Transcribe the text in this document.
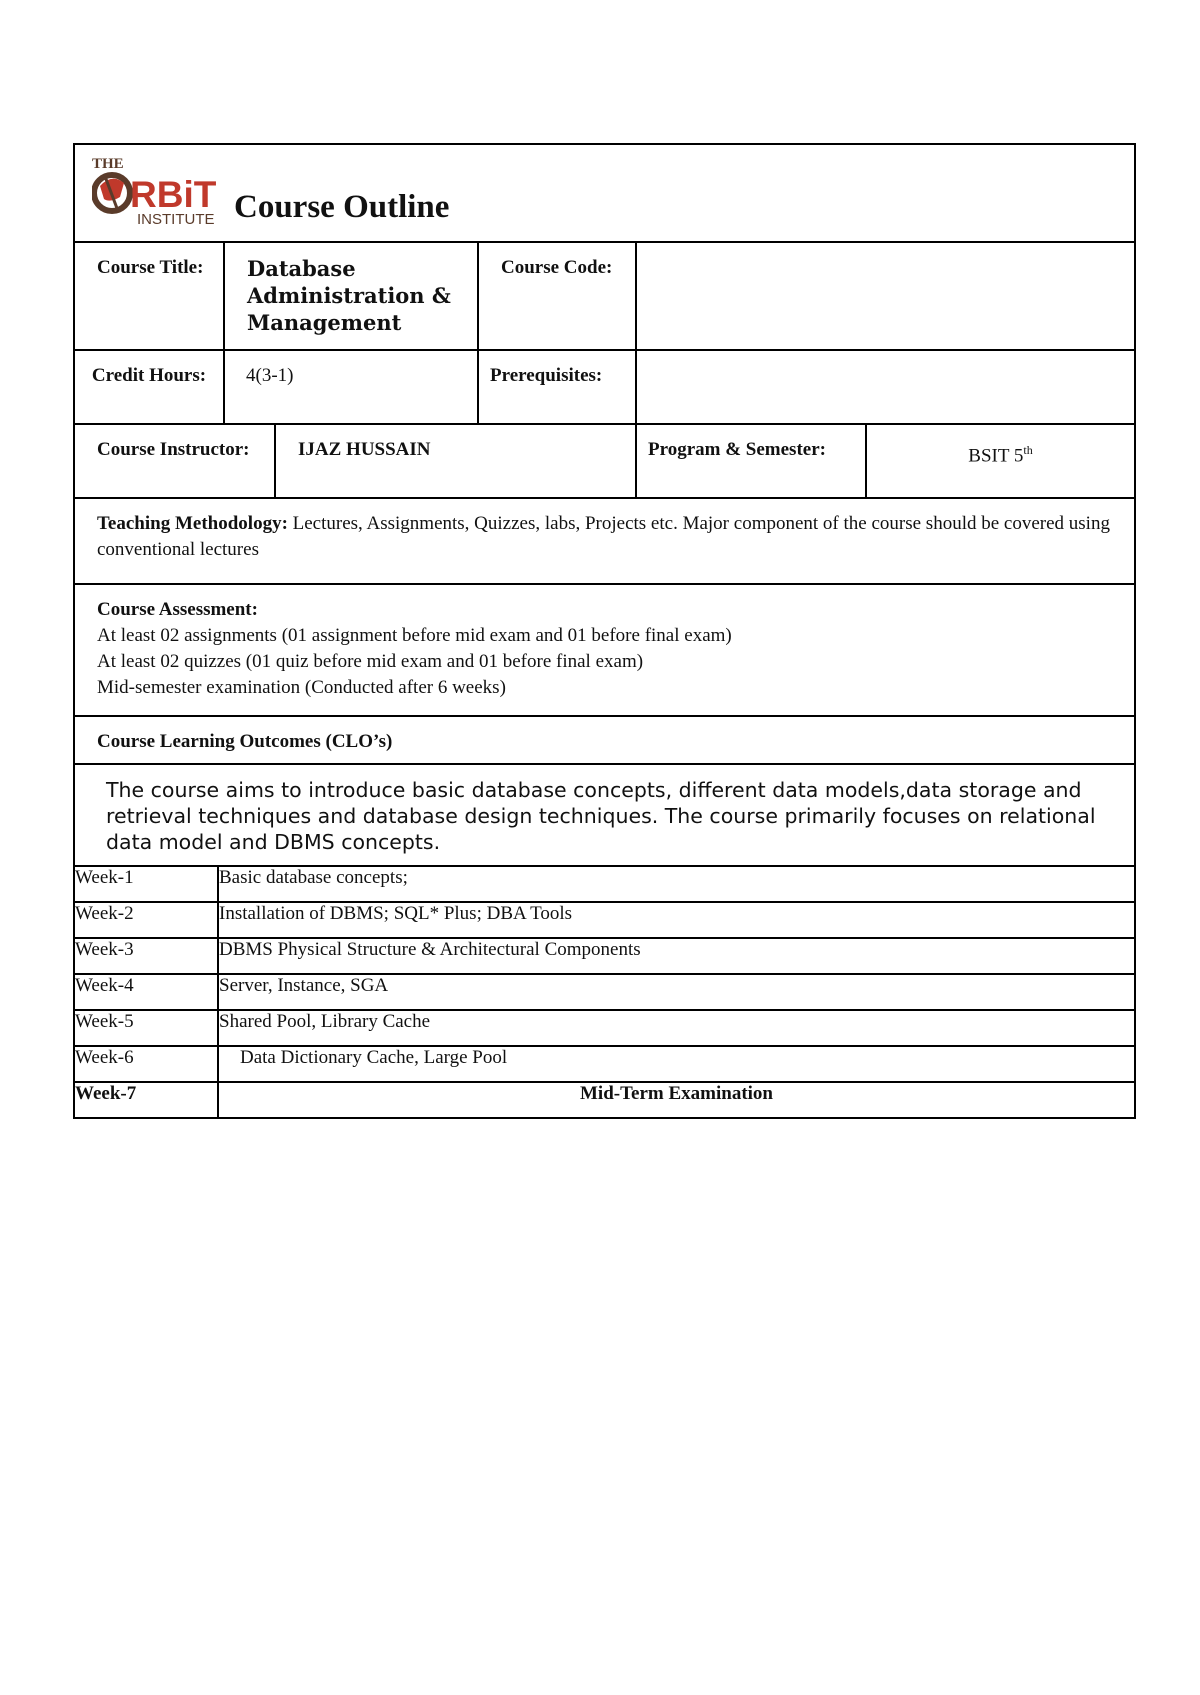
THE
RBiT
INSTITUTE Course Outline

Course Title:	Database Administration & Management	Course Code:	

Credit Hours:	4(3-1)	Prerequisites:	

Course Instructor:	IJAZ HUSSAIN	Program & Semester:	BSIT 5th

Teaching Methodology: Lectures, Assignments, Quizzes, labs, Projects etc. Major component of the course should be covered using conventional lectures

Course Assessment:
At least 02 assignments (01 assignment before mid exam and 01 before final exam)
At least 02 quizzes (01 quiz before mid exam and 01 before final exam)
Mid-semester examination (Conducted after 6 weeks)

Course Learning Outcomes (CLO’s)
The course aims to introduce basic database concepts, different data models,data storage and retrieval techniques and database design techniques. The course primarily focuses on relational data model and DBMS concepts.

Week-1	Basic database concepts;

Week-2	Installation of DBMS; SQL* Plus; DBA Tools

Week-3	DBMS Physical Structure & Architectural Components

Week-4	Server, Instance, SGA

Week-5	Shared Pool, Library Cache

Week-6	Data Dictionary Cache, Large Pool

Week-7	Mid-Term Examination
